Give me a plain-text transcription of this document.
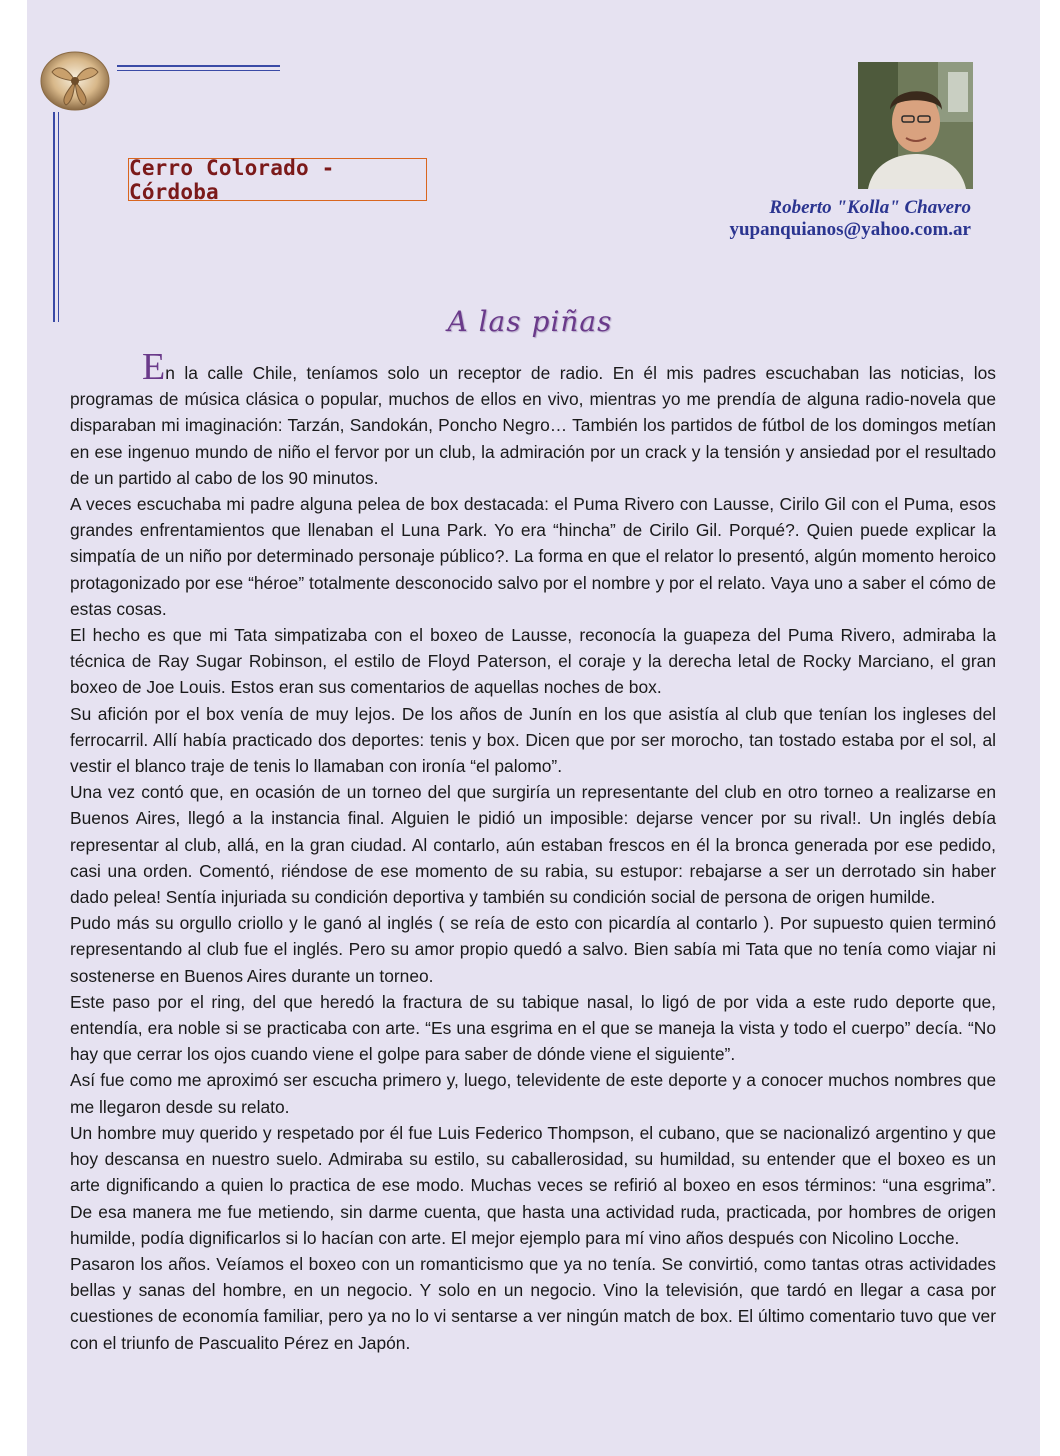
Cerro Colorado - Córdoba
Roberto "Kolla" Chavero
yupanquianos@yahoo.com.ar
A las piñas

En la calle Chile, teníamos solo un receptor de radio. En él mis padres escuchaban las noticias, los programas de música clásica o popular, muchos de ellos en vivo, mientras yo me prendía de alguna radio-novela que disparaban mi imaginación: Tarzán, Sandokán, Poncho Negro… También los partidos de fútbol de los domingos metían en ese ingenuo mundo de niño el fervor por un club, la admiración por un crack y la tensión y ansiedad por el resultado de un partido al cabo de los 90 minutos.

A veces escuchaba mi padre alguna pelea de box destacada: el Puma Rivero con Lausse, Cirilo Gil con el Puma, esos grandes enfrentamientos que llenaban el Luna Park. Yo era “hincha” de Cirilo Gil. Porqué?. Quien puede explicar la simpatía de un niño por determinado personaje público?. La forma en que el relator lo presentó, algún momento heroico protagonizado por ese “héroe” totalmente desconocido salvo por el nombre y por el relato. Vaya uno a saber el cómo de estas cosas.

El hecho es que mi Tata simpatizaba con el boxeo de Lausse, reconocía la guapeza del Puma Rivero, admiraba la técnica de Ray Sugar Robinson, el estilo de Floyd Paterson, el coraje y la derecha letal de Rocky Marciano, el gran boxeo de Joe Louis. Estos eran sus comentarios de aquellas noches de box.

Su afición por el box venía de muy lejos. De los años de Junín en los que asistía al club que tenían los ingleses del ferrocarril. Allí había practicado dos deportes: tenis y box. Dicen que por ser morocho, tan tostado estaba por el sol, al vestir el blanco traje de tenis lo llamaban con ironía “el palomo”.

Una vez contó que, en ocasión de un torneo del que surgiría un representante del club en otro torneo a realizarse en Buenos Aires, llegó a la instancia final. Alguien le pidió un imposible: dejarse vencer por su rival!. Un inglés debía representar al club, allá, en la gran ciudad. Al contarlo, aún estaban frescos en él la bronca generada por ese pedido, casi una orden. Comentó, riéndose de ese momento de su rabia, su estupor: rebajarse a ser un derrotado sin haber dado pelea! Sentía injuriada su condición deportiva y también su condición social de persona de origen humilde.

Pudo más su orgullo criollo y le ganó al inglés ( se reía de esto con picardía al contarlo ). Por supuesto quien terminó representando al club fue el inglés. Pero su amor propio quedó a salvo. Bien sabía mi Tata que no tenía como viajar ni sostenerse en Buenos Aires durante un torneo.

Este paso por el ring, del que heredó la fractura de su tabique nasal, lo ligó de por vida a este rudo deporte que, entendía, era noble si se practicaba con arte. “Es una esgrima en el que se maneja la vista y todo el cuerpo” decía. “No hay que cerrar los ojos cuando viene el golpe para saber de dónde viene el siguiente”.

Así fue como me aproximó ser escucha primero y, luego, televidente de este deporte y a conocer muchos nombres que me llegaron desde su relato.

Un hombre muy querido y respetado por él fue Luis Federico Thompson, el cubano, que se nacionalizó argentino y que hoy descansa en nuestro suelo. Admiraba su estilo, su caballerosidad, su humildad, su entender que el boxeo es un arte dignificando a quien lo practica de ese modo. Muchas veces se refirió al boxeo en esos términos: “una esgrima”. De esa manera me fue metiendo, sin darme cuenta, que hasta una actividad ruda, practicada, por hombres de origen humilde, podía dignificarlos si lo hacían con arte. El mejor ejemplo para mí vino años después con Nicolino Locche.

Pasaron los años. Veíamos el boxeo con un romanticismo que ya no tenía. Se convirtió, como tantas otras actividades bellas y sanas del hombre, en un negocio. Y solo en un negocio. Vino la televisión, que tardó en llegar a casa por cuestiones de economía familiar, pero ya no lo vi sentarse a ver ningún match de box. El último comentario tuvo que ver con el triunfo de Pascualito Pérez en Japón.
